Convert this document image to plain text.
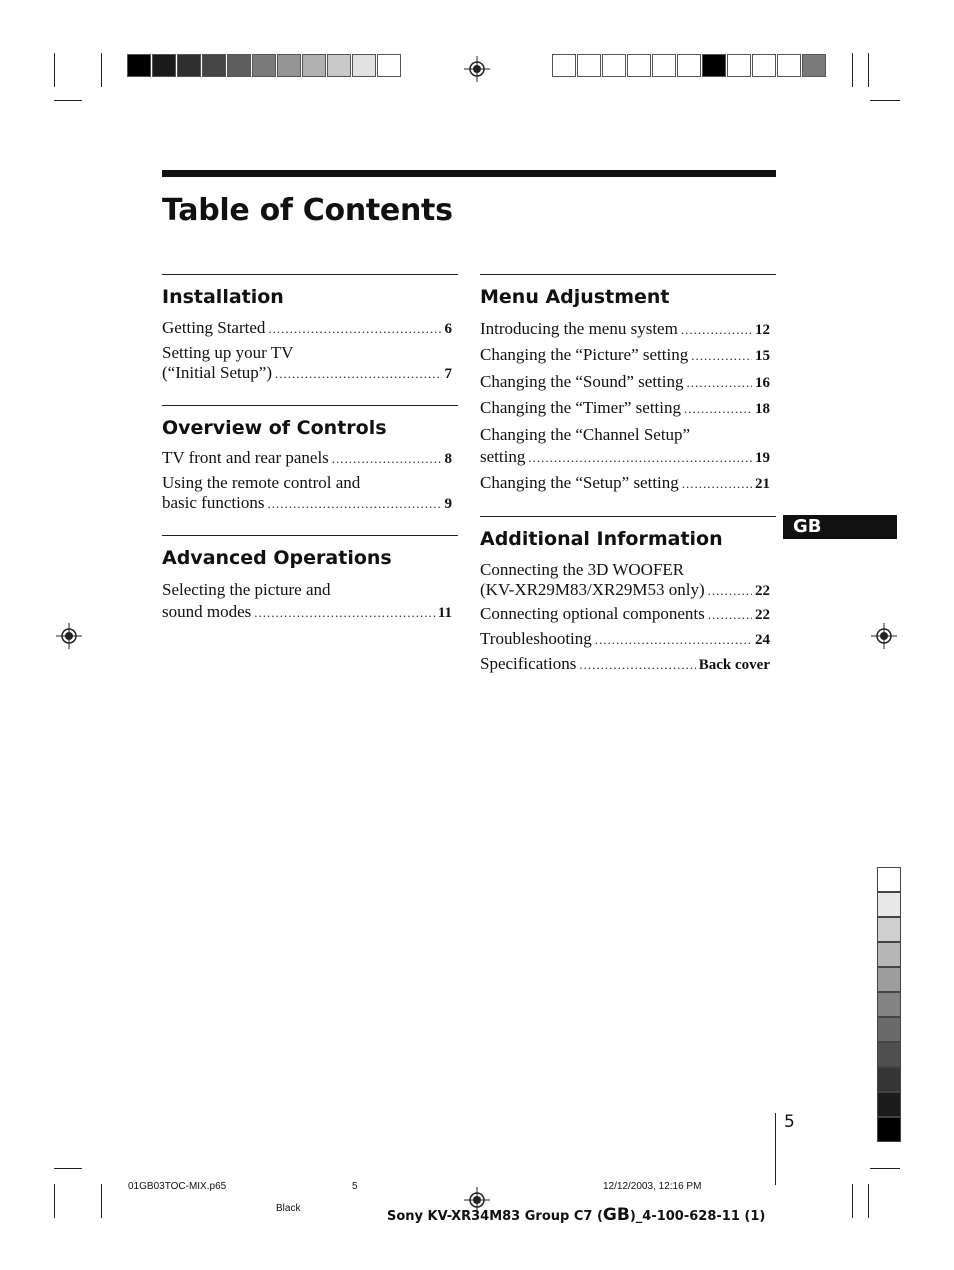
Table of Contents
Installation
Getting Started .....	6
Setting up your TV
(“Initial Setup”) .....	7
Overview of Controls
TV front and rear panels .....	8
Using the remote control and
basic functions .....	9
Advanced Operations
Selecting the picture and
sound modes .....	11
Menu Adjustment
Introducing the menu system .....	12
Changing the “Picture” setting .....	15
Changing the “Sound” setting .....	16
Changing the “Timer” setting .....	18
Changing the “Channel Setup”
setting .....	19
Changing the “Setup” setting .....	21
Additional Information
Connecting the 3D WOOFER
(KV-XR29M83/XR29M53 only) .....	22
Connecting optional components .....	22
Troubleshooting .....	24
Specifications .....	Back cover
GB
5
01GB03TOC-MIX.p65	5	12/12/2003, 12:16 PM
Black
Sony KV-XR34M83 Group C7 (GB)_4-100-628-11 (1)
